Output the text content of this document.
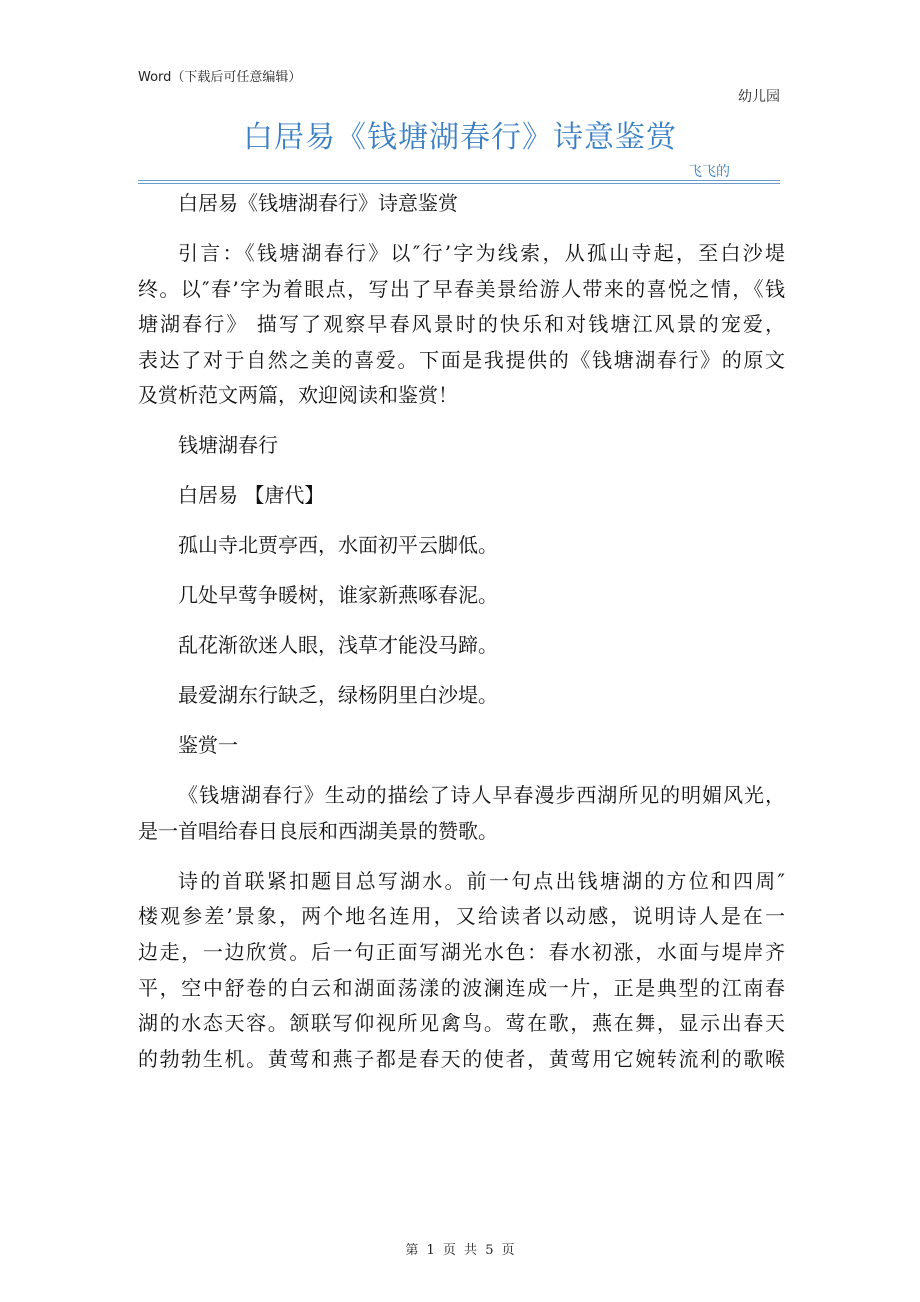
Word（下载后可任意编辑）
幼儿园
白居易《钱塘湖春行》诗意鉴赏
飞飞的

白居易《钱塘湖春行》诗意鉴赏

引言：《钱塘湖春行》以″行’字为线索，从孤山寺起，至白沙堤

终。以″春’字为着眼点，写出了早春美景给游人带来的喜悦之情，《钱

塘湖春行》 描写了观察早春风景时的快乐和对钱塘江风景的宠爱，

表达了对于自然之美的喜爱。下面是我提供的《钱塘湖春行》的原文

及赏析范文两篇，欢迎阅读和鉴赏！

钱塘湖春行

白居易 【唐代】

孤山寺北贾亭西，水面初平云脚低。

几处早莺争暖树，谁家新燕啄春泥。

乱花渐欲迷人眼，浅草才能没马蹄。

最爱湖东行缺乏，绿杨阴里白沙堤。

鉴赏一

《钱塘湖春行》生动的描绘了诗人早春漫步西湖所见的明媚风光，

是一首唱给春日良辰和西湖美景的赞歌。

诗的首联紧扣题目总写湖水。前一句点出钱塘湖的方位和四周″

楼观参差’景象，两个地名连用，又给读者以动感，说明诗人是在一

边走，一边欣赏。后一句正面写湖光水色：春水初涨，水面与堤岸齐

平，空中舒卷的白云和湖面荡漾的波澜连成一片，正是典型的江南春

湖的水态天容。颔联写仰视所见禽鸟。莺在歌，燕在舞，显示出春天

的勃勃生机。黄莺和燕子都是春天的使者，黄莺用它婉转流利的歌喉

第 1 页 共 5 页
